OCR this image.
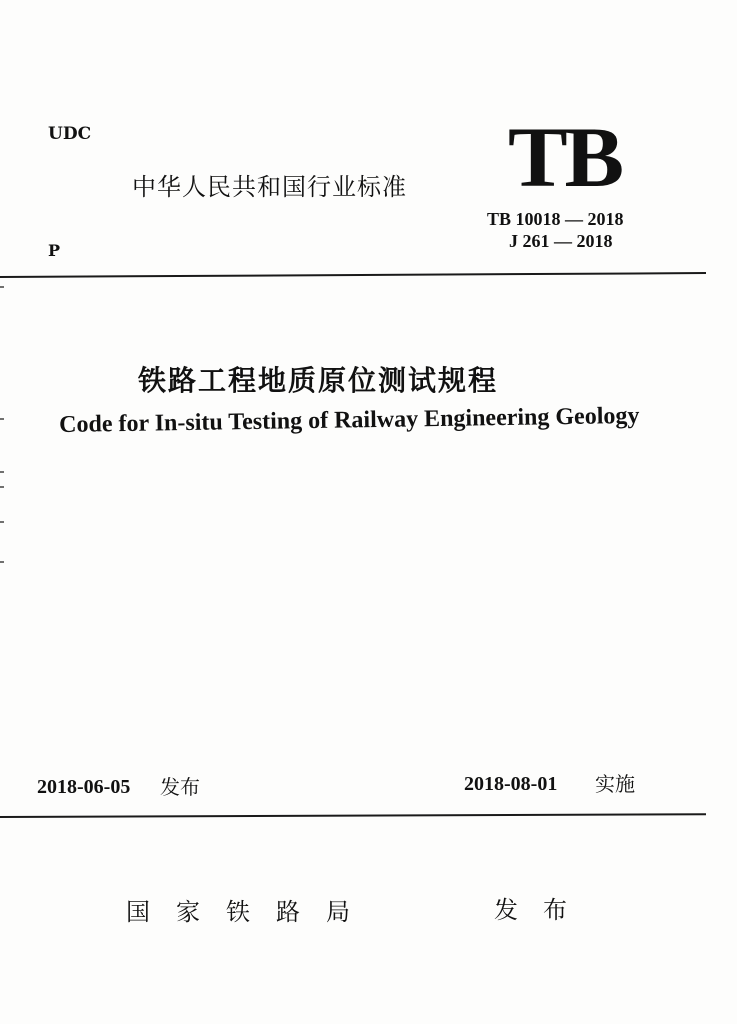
UDC
中华人民共和国行业标准 TB
TB 10018 — 2018
J 261 — 2018
P
铁路工程地质原位测试规程
Code for In-situ Testing of Railway Engineering Geology
2018-06-05 发布	2018-08-01 实施
国家铁路局	发布
